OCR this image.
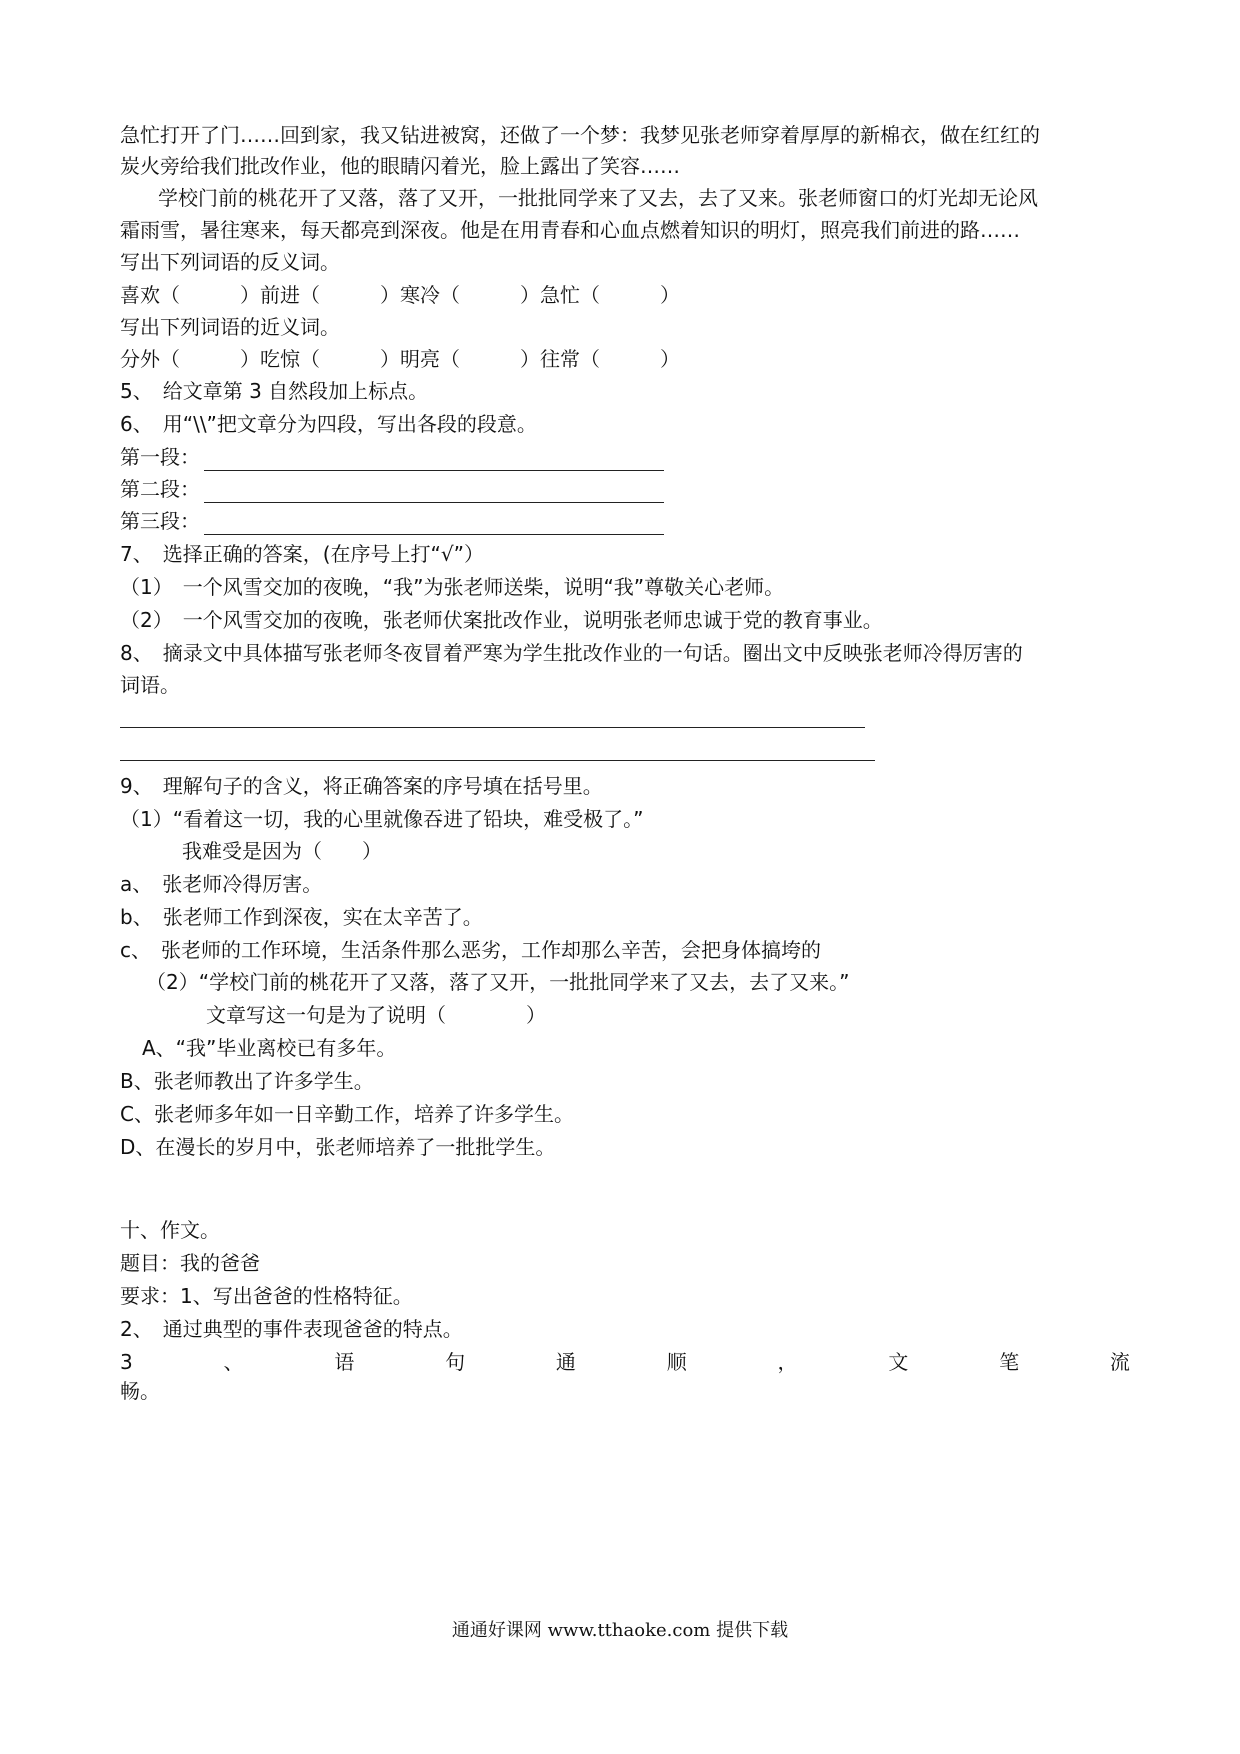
急忙打开了门……回到家，我又钻进被窝，还做了一个梦：我梦见张老师穿着厚厚的新棉衣，做在红红的
炭火旁给我们批改作业，他的眼睛闪着光，脸上露出了笑容……
学校门前的桃花开了又落，落了又开，一批批同学来了又去，去了又来。张老师窗口的灯光却无论风
霜雨雪，暑往寒来，每天都亮到深夜。他是在用青春和心血点燃着知识的明灯，照亮我们前进的路……
写出下列词语的反义词。
喜欢（　　　）前进（　　　）寒冷（　　　）急忙（　　　）
写出下列词语的近义词。
分外（　　　）吃惊（　　　）明亮（　　　）往常（　　　）
5、　给文章第 3 自然段加上标点。
6、　用“\\”把文章分为四段，写出各段的段意。
第一段：
第二段：
第三段：
7、　选择正确的答案，(在序号上打“√”）
（1）　一个风雪交加的夜晚，“我”为张老师送柴，说明“我”尊敬关心老师。
（2）　一个风雪交加的夜晚，张老师伏案批改作业，说明张老师忠诚于党的教育事业。
8、　摘录文中具体描写张老师冬夜冒着严寒为学生批改作业的一句话。圈出文中反映张老师冷得厉害的
词语。
9、　理解句子的含义，将正确答案的序号填在括号里。
（1）“看着这一切，我的心里就像吞进了铅块，难受极了。”
我难受是因为（　　）
a、　张老师冷得厉害。
b、　张老师工作到深夜，实在太辛苦了。
c、　张老师的工作环境，生活条件那么恶劣，工作却那么辛苦，会把身体搞垮的
（2）“学校门前的桃花开了又落，落了又开，一批批同学来了又去，去了又来。”
文章写这一句是为了说明（　　　　）
A、“我”毕业离校已有多年。
B、张老师教出了许多学生。
C、张老师多年如一日辛勤工作，培养了许多学生。
D、在漫长的岁月中，张老师培养了一批批学生。
十、作文。
题目：我的爸爸
要求：1、写出爸爸的性格特征。
2、　通过典型的事件表现爸爸的特点。
3	、	语	句	通	顺	，	文	笔	流
畅。
通通好课网 www.tthaoke.com 提供下载
